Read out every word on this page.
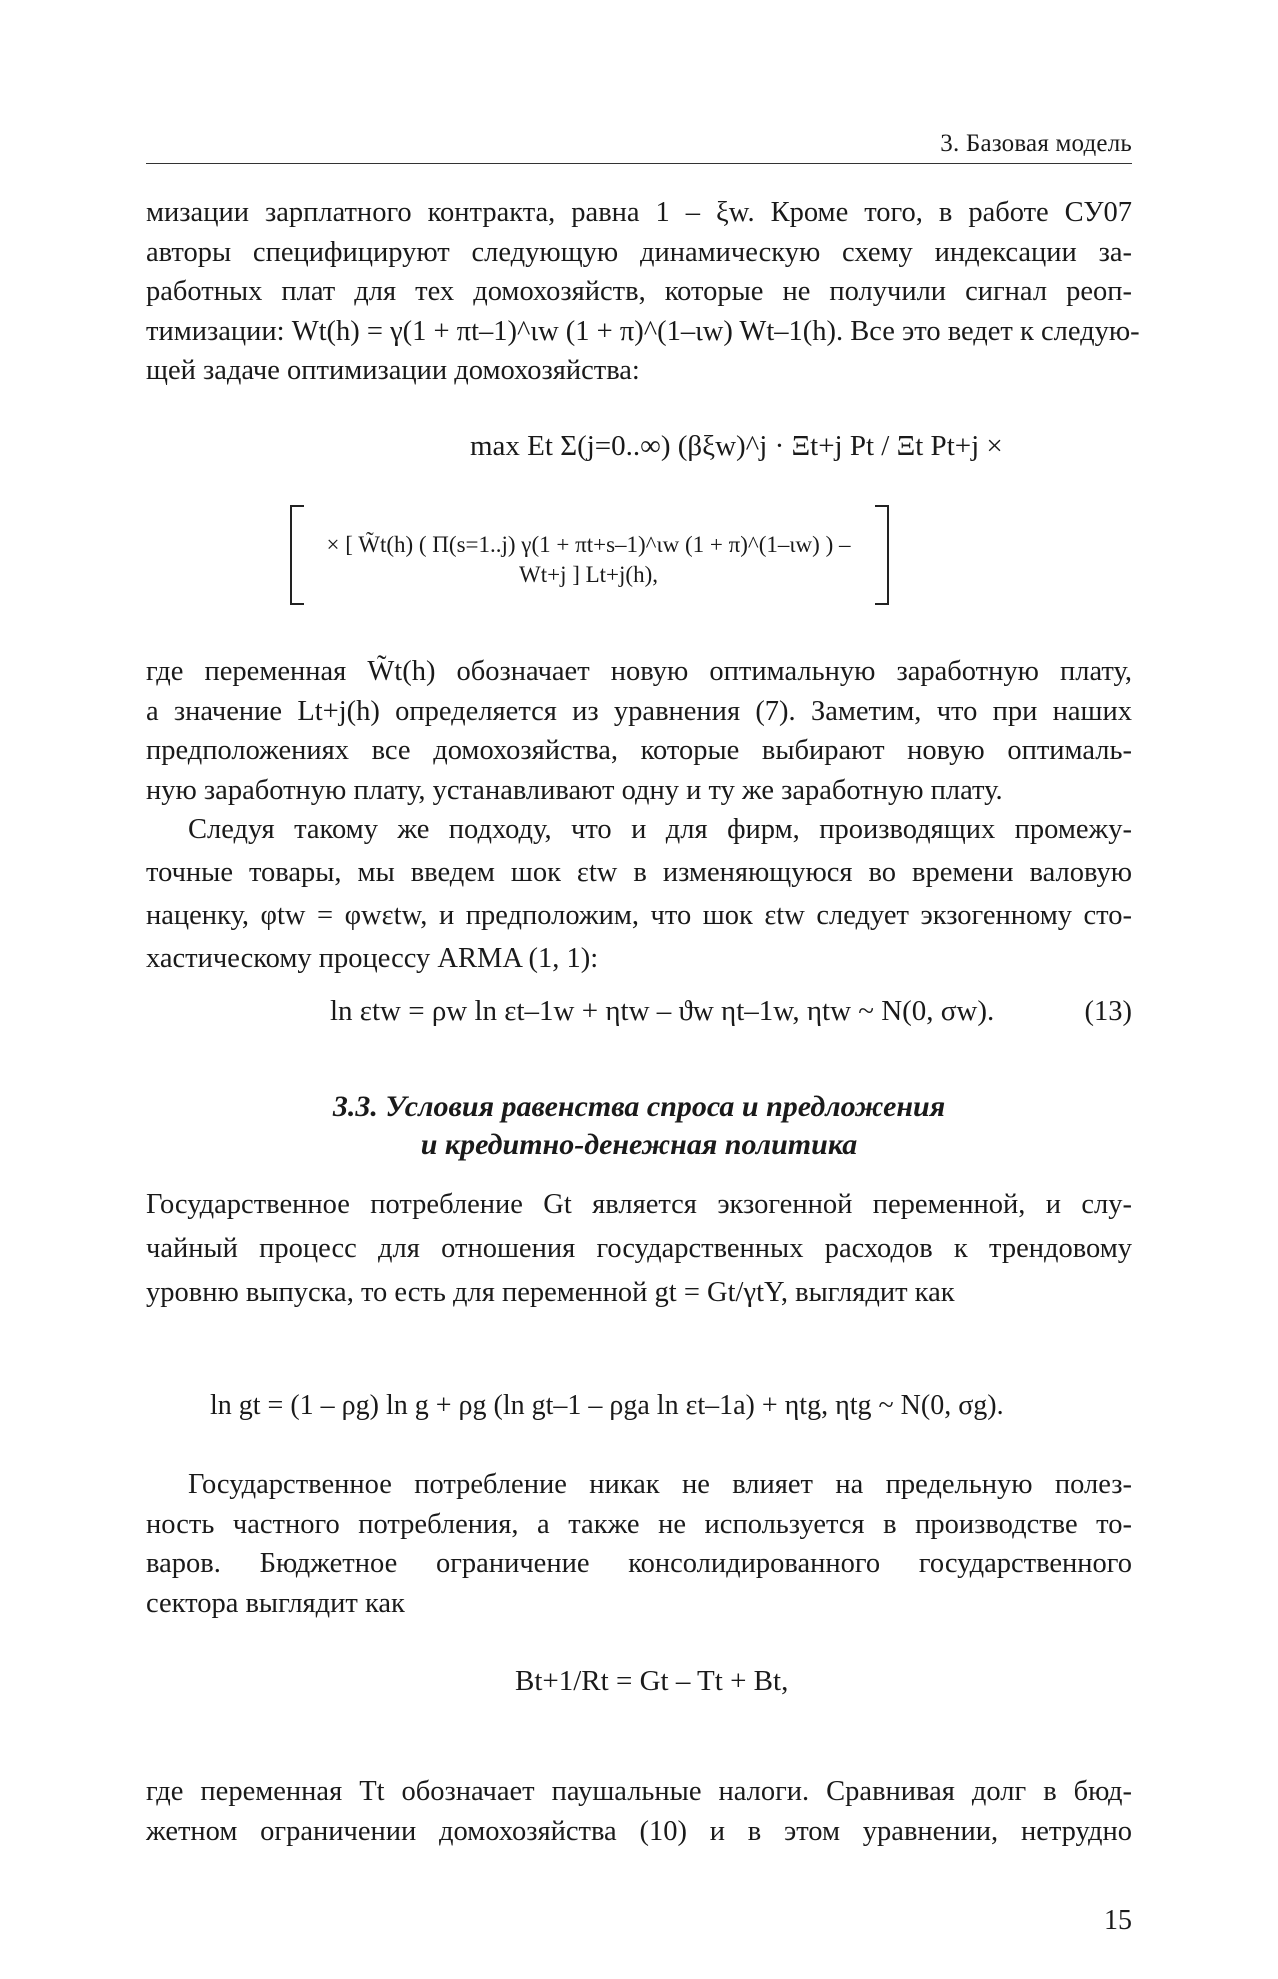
3. Базовая модель
мизации зарплатного контракта, равна 1 – ξw. Кроме того, в работе СУ07
авторы специфицируют следующую динамическую схему индексации за-
работных плат для тех домохозяйств, которые не получили сигнал реоп-
тимизации: Wt(h) = γ(1 + πt–1)^ιw (1 + π)^(1–ιw) Wt–1(h). Все это ведет к следую-
щей задаче оптимизации домохозяйства:
max Et Σ(j=0..∞) (βξw)^j · Ξt+j Pt / Ξt Pt+j ×
× [ W̃t(h) ( Π(s=1..j) γ(1 + πt+s–1)^ιw (1 + π)^(1–ιw) ) – Wt+j ] Lt+j(h),
где переменная W̃t(h) обозначает новую оптимальную заработную плату,
а значение Lt+j(h) определяется из уравнения (7). Заметим, что при наших
предположениях все домохозяйства, которые выбирают новую оптималь-
ную заработную плату, устанавливают одну и ту же заработную плату.
Следуя такому же подходу, что и для фирм, производящих промежу-
точные товары, мы введем шок εtw в изменяющуюся во времени валовую
наценку, φtw = φwεtw, и предположим, что шок εtw следует экзогенному сто-
хастическому процессу ARMA (1, 1):
ln εtw = ρw ln εt–1w + ηtw – ϑw ηt–1w, ηtw ~ N(0, σw).	(13)
3.3. Условия равенства спроса и предложения
и кредитно-денежная политика
Государственное потребление Gt является экзогенной переменной, и слу-
чайный процесс для отношения государственных расходов к трендовому
уровню выпуска, то есть для переменной gt = Gt/γtY, выглядит как
ln gt = (1 – ρg) ln g + ρg (ln gt–1 – ρga ln εt–1a) + ηtg, ηtg ~ N(0, σg).
Государственное потребление никак не влияет на предельную полез-
ность частного потребления, а также не используется в производстве то-
варов. Бюджетное ограничение консолидированного государственного
сектора выглядит как
Bt+1/Rt = Gt – Tt + Bt,
где переменная Tt обозначает паушальные налоги. Сравнивая долг в бюд-
жетном ограничении домохозяйства (10) и в этом уравнении, нетрудно
15
